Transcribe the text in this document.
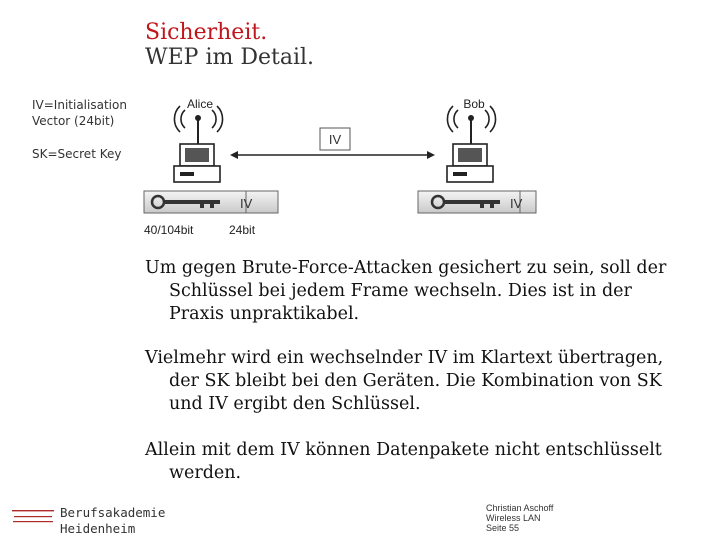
Sicherheit.
WEP im Detail.
IV=Initialisation
Vector (24bit)
SK=Secret Key
Alice	Bob
IV
IV	IV
40/104bit	24bit
Um gegen Brute-Force-Attacken gesichert zu sein, soll der
Schlüssel bei jedem Frame wechseln. Dies ist in der
Praxis unpraktikabel.
Vielmehr wird ein wechselnder IV im Klartext übertragen,
der SK bleibt bei den Geräten. Die Kombination von SK
und IV ergibt den Schlüssel.
Allein mit dem IV können Datenpakete nicht entschlüsselt
werden.
Berufsakademie
Heidenheim
Christian Aschoff
Wireless LAN
Seite 55
